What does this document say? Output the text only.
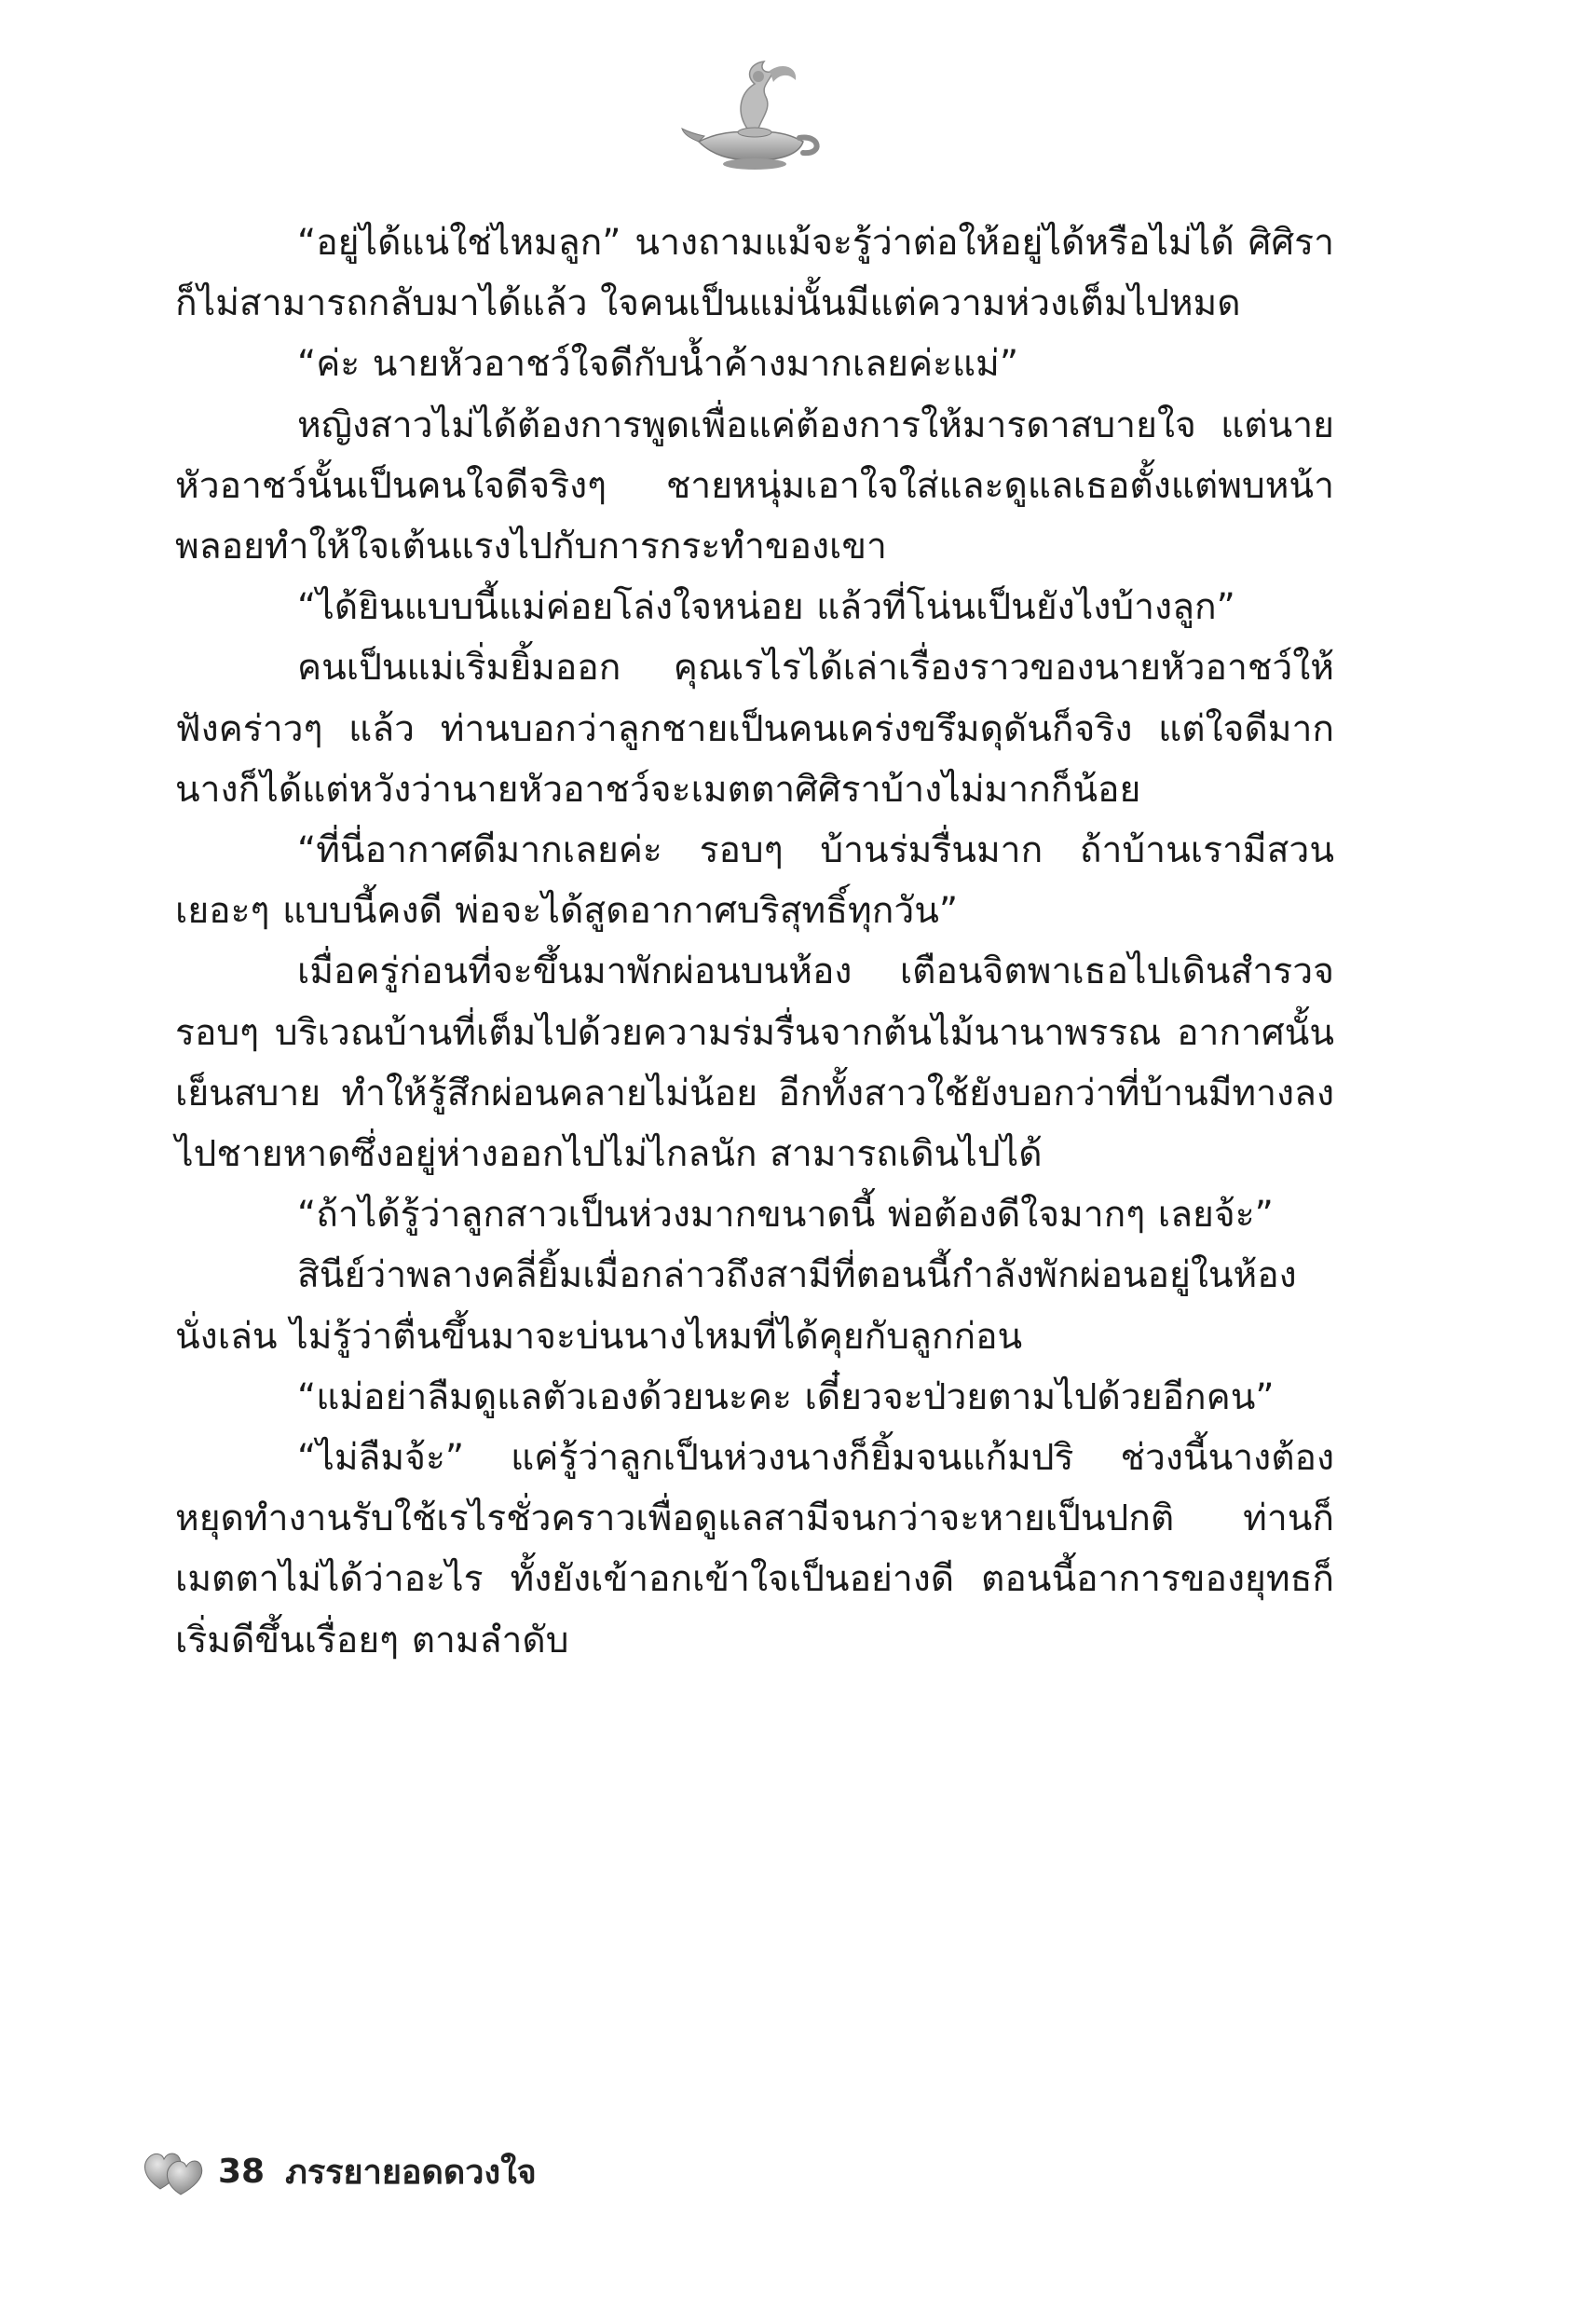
“อยู่ได้แน่ใช่ไหมลูก” นางถามแม้จะรู้ว่าต่อให้อยู่ได้หรือไม่ได้ ศิศิราก็ไม่สามารถกลับมาได้แล้ว ใจคนเป็นแม่นั้นมีแต่ความห่วงเต็มไปหมด

“ค่ะ นายหัวอาชว์ใจดีกับน้ำค้างมากเลยค่ะแม่”

หญิงสาวไม่ได้ต้องการพูดเพื่อแค่ต้องการให้มารดาสบายใจ แต่นายหัวอาชว์นั้นเป็นคนใจดีจริงๆ ชายหนุ่มเอาใจใส่และดูแลเธอตั้งแต่พบหน้า พลอยทำให้ใจเต้นแรงไปกับการกระทำของเขา

“ได้ยินแบบนี้แม่ค่อยโล่งใจหน่อย แล้วที่โน่นเป็นยังไงบ้างลูก”

คนเป็นแม่เริ่มยิ้มออก คุณเรไรได้เล่าเรื่องราวของนายหัวอาชว์ให้ฟังคร่าวๆ แล้ว ท่านบอกว่าลูกชายเป็นคนเคร่งขรึมดุดันก็จริง แต่ใจดีมาก นางก็ได้แต่หวังว่านายหัวอาชว์จะเมตตาศิศิราบ้างไม่มากก็น้อย

“ที่นี่อากาศดีมากเลยค่ะ รอบๆ บ้านร่มรื่นมาก ถ้าบ้านเรามีสวนเยอะๆ แบบนี้คงดี พ่อจะได้สูดอากาศบริสุทธิ์ทุกวัน”

เมื่อครู่ก่อนที่จะขึ้นมาพักผ่อนบนห้อง เตือนจิตพาเธอไปเดินสำรวจรอบๆ บริเวณบ้านที่เต็มไปด้วยความร่มรื่นจากต้นไม้นานาพรรณ อากาศนั้นเย็นสบาย ทำให้รู้สึกผ่อนคลายไม่น้อย อีกทั้งสาวใช้ยังบอกว่าที่บ้านมีทางลงไปชายหาดซึ่งอยู่ห่างออกไปไม่ไกลนัก สามารถเดินไปได้

“ถ้าได้รู้ว่าลูกสาวเป็นห่วงมากขนาดนี้ พ่อต้องดีใจมากๆ เลยจ้ะ”

สินีย์ว่าพลางคลี่ยิ้มเมื่อกล่าวถึงสามีที่ตอนนี้กำลังพักผ่อนอยู่ในห้องนั่งเล่น ไม่รู้ว่าตื่นขึ้นมาจะบ่นนางไหมที่ได้คุยกับลูกก่อน

“แม่อย่าลืมดูแลตัวเองด้วยนะคะ เดี๋ยวจะป่วยตามไปด้วยอีกคน”

“ไม่ลืมจ้ะ” แค่รู้ว่าลูกเป็นห่วงนางก็ยิ้มจนแก้มปริ ช่วงนี้นางต้องหยุดทำงานรับใช้เรไรชั่วคราวเพื่อดูแลสามีจนกว่าจะหายเป็นปกติ ท่านก็เมตตาไม่ได้ว่าอะไร ทั้งยังเข้าอกเข้าใจเป็นอย่างดี ตอนนี้อาการของยุทธก็เริ่มดีขึ้นเรื่อยๆ ตามลำดับ

38 ภรรยายอดดวงใจ
